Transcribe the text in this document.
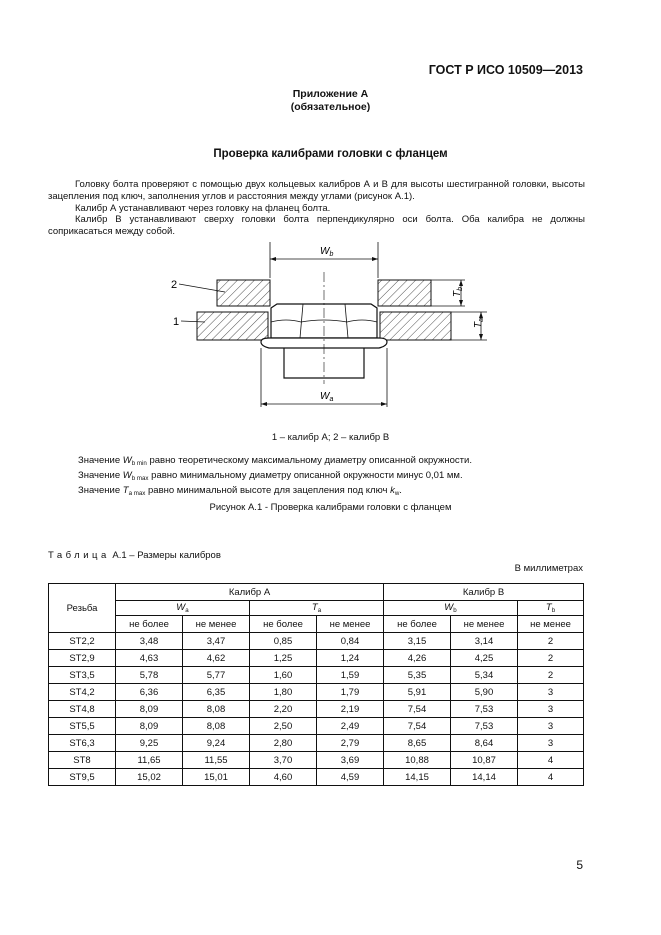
ГОСТ Р ИСО 10509—2013
Приложение А
(обязательное)
Проверка калибрами головки с фланцем

Головку болта проверяют с помощью двух кольцевых калибров А и В для высоты шестигранной головки, высоты зацепления под ключ, заполнения углов и расстояния между углами (рисунок А.1).

Калибр А устанавливают через головку на фланец болта.

Калибр В устанавливают сверху головки болта перпендикулярно оси болта. Оба калибра не должны соприкасаться между собой.

$W_b$
$W_a$
$T_b$
$T_a$
2
1
1 – калибр А; 2 – калибр В
Значение $W_{b min}$ равно теоретическому максимальному диаметру описанной окружности.
Значение $W_{b max}$ равно минимальному диаметру описанной окружности минус 0,01 мм.
Значение $T_{a max}$ равно минимальной высоте для зацепления под ключ $k_w$.
Рисунок А.1 - Проверка калибрами головки с фланцем
Таблица А.1 – Размеры калибров
В миллиметрах
Резьба	Калибр А				Калибр В		
	$W_a$		$T_a$		$W_b$		$T_b$
	не более	не менее	не более	не менее	не более	не менее	не менее
ST2,2	3,48	3,47	0,85	0,84	3,15	3,14	2
ST2,9	4,63	4,62	1,25	1,24	4,26	4,25	2
ST3,5	5,78	5,77	1,60	1,59	5,35	5,34	2
ST4,2	6,36	6,35	1,80	1,79	5,91	5,90	3
ST4,8	8,09	8,08	2,20	2,19	7,54	7,53	3
ST5,5	8,09	8,08	2,50	2,49	7,54	7,53	3
ST6,3	9,25	9,24	2,80	2,79	8,65	8,64	3
ST8	11,65	11,55	3,70	3,69	10,88	10,87	4
ST9,5	15,02	15,01	4,60	4,59	14,15	14,14	4
5
